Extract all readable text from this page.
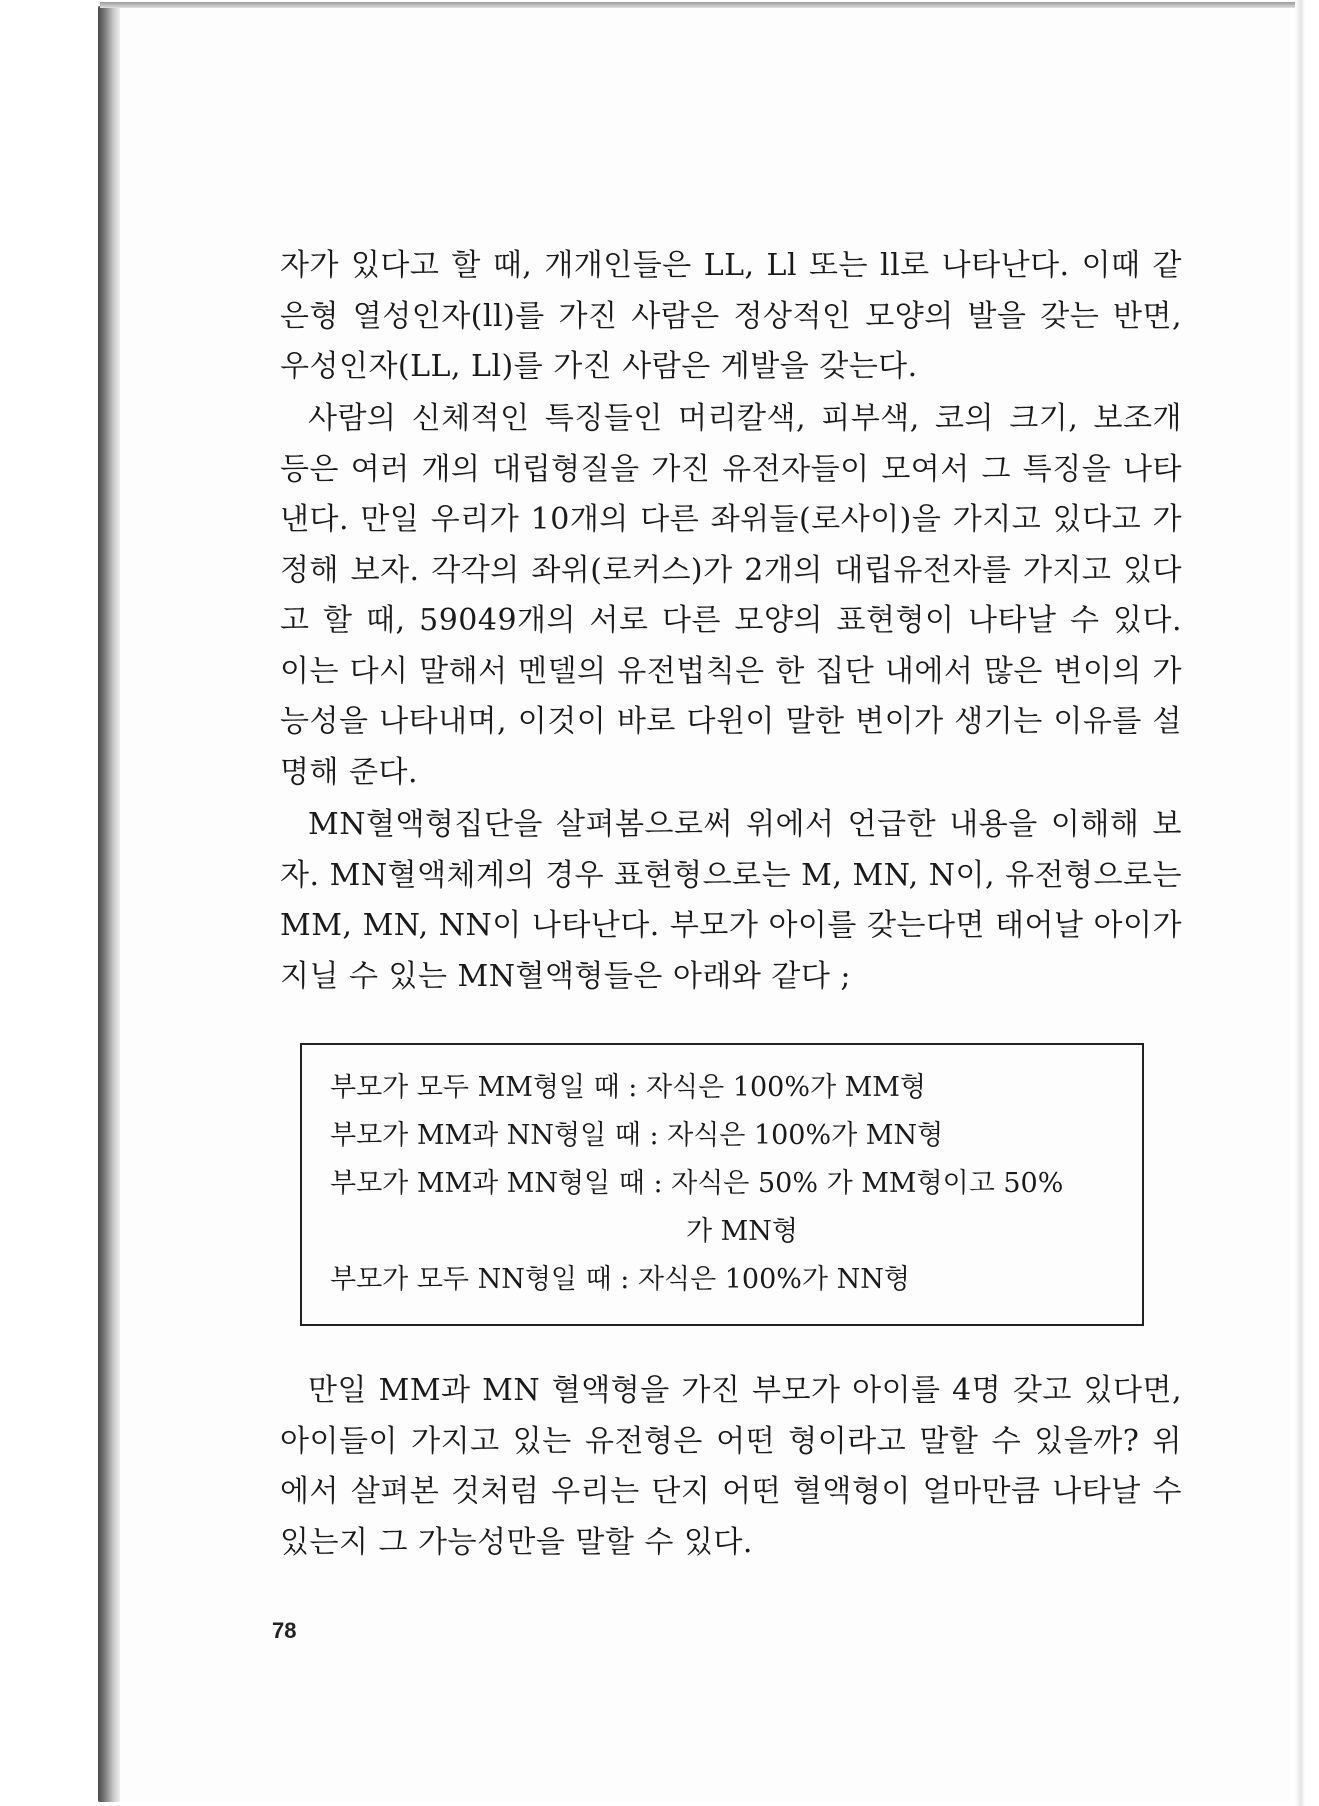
자가 있다고 할 때, 개개인들은 LL, Ll 또는 ll로 나타난다. 이때 같은형 열성인자(ll)를 가진 사람은 정상적인 모양의 발을 갖는 반면, 우성인자(LL, Ll)를 가진 사람은 게발을 갖는다.

사람의 신체적인 특징들인 머리칼색, 피부색, 코의 크기, 보조개 등은 여러 개의 대립형질을 가진 유전자들이 모여서 그 특징을 나타낸다. 만일 우리가 10개의 다른 좌위들(로사이)을 가지고 있다고 가정해 보자. 각각의 좌위(로커스)가 2개의 대립유전자를 가지고 있다고 할 때, 59049개의 서로 다른 모양의 표현형이 나타날 수 있다. 이는 다시 말해서 멘델의 유전법칙은 한 집단 내에서 많은 변이의 가능성을 나타내며, 이것이 바로 다윈이 말한 변이가 생기는 이유를 설명해 준다.

MN혈액형집단을 살펴봄으로써 위에서 언급한 내용을 이해해 보자. MN혈액체계의 경우 표현형으로는 M, MN, N이, 유전형으로는 MM, MN, NN이 나타난다. 부모가 아이를 갖는다면 태어날 아이가 지닐 수 있는 MN혈액형들은 아래와 같다 ;

부모가 모두 MM형일 때 : 자식은 100%가 MM형
부모가 MM과 NN형일 때 : 자식은 100%가 MN형
부모가 MM과 MN형일 때 : 자식은 50% 가 MM형이고 50%
가 MN형
부모가 모두 NN형일 때 : 자식은 100%가 NN형

만일 MM과 MN 혈액형을 가진 부모가 아이를 4명 갖고 있다면, 아이들이 가지고 있는 유전형은 어떤 형이라고 말할 수 있을까? 위에서 살펴본 것처럼 우리는 단지 어떤 혈액형이 얼마만큼 나타날 수 있는지 그 가능성만을 말할 수 있다.

78
